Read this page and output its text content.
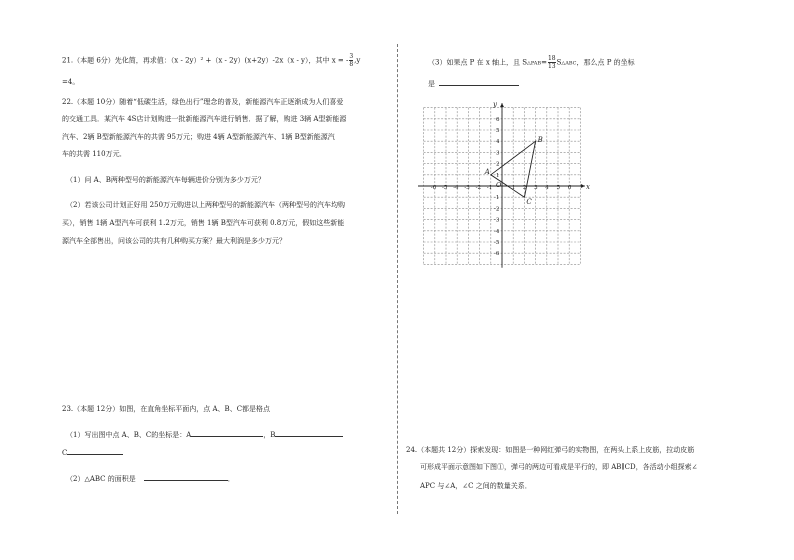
21.（本题 6分）先化简，再求值：（x - 2y）² +（x - 2y）(x+2y）-2x（x - y），其中 x = - $\frac{3}{8} ,y$
=4。
22.（本题 10分）随着“低碳生活，绿色出行”理念的普及，新能源汽车正逐渐成为人们喜爱
的交通工具．某汽车 4S店计划购进一批新能源汽车进行销售．据了解，购进 3辆 A型新能源
汽车、2辆 B型新能源汽车的共需 95万元；购进 4辆 A型新能源汽车、1辆 B型新能源汽
车的共需 110万元．
（1）问 A、B两种型号的新能源汽车每辆进价分别为多少万元？
（2）若该公司计划正好用 250万元购进以上两种型号的新能源汽车（两种型号的汽车均购
买），销售 1辆 A型汽车可获利 1.2万元，销售 1辆 B型汽车可获利 0.8万元，假如这些新能
源汽车全部售出，问该公司的共有几种购买方案？最大利润是多少万元？
23.（本题 12分）如图，在直角坐标平面内，点 A、B、C都是格点
（1）写出图中点 A、B、C的坐标是：A	，B
C
（2）△ABC 的面积是	．
（3）如果点 P 在 x 轴上，且 S△PAB= $\frac{18}{13}$ S△ABC，那么点 P 的坐标
是
x
y
O
-6 -5 -4 -3 -2 -1	1 2 3 4 5 6
6
5
4
3
2
1
-1
-2
-3
-4
-5
-6
A
B
C
24.（本题共 12分）探索发现：如图是一种网红弹弓的实物图，在两头上系上皮筋，拉动皮筋
可形成平面示意图如下图①，弹弓的两边可看成是平行的，即 AB∥CD，各活动小组探索∠
APC 与∠A，∠C 之间的数量关系．
